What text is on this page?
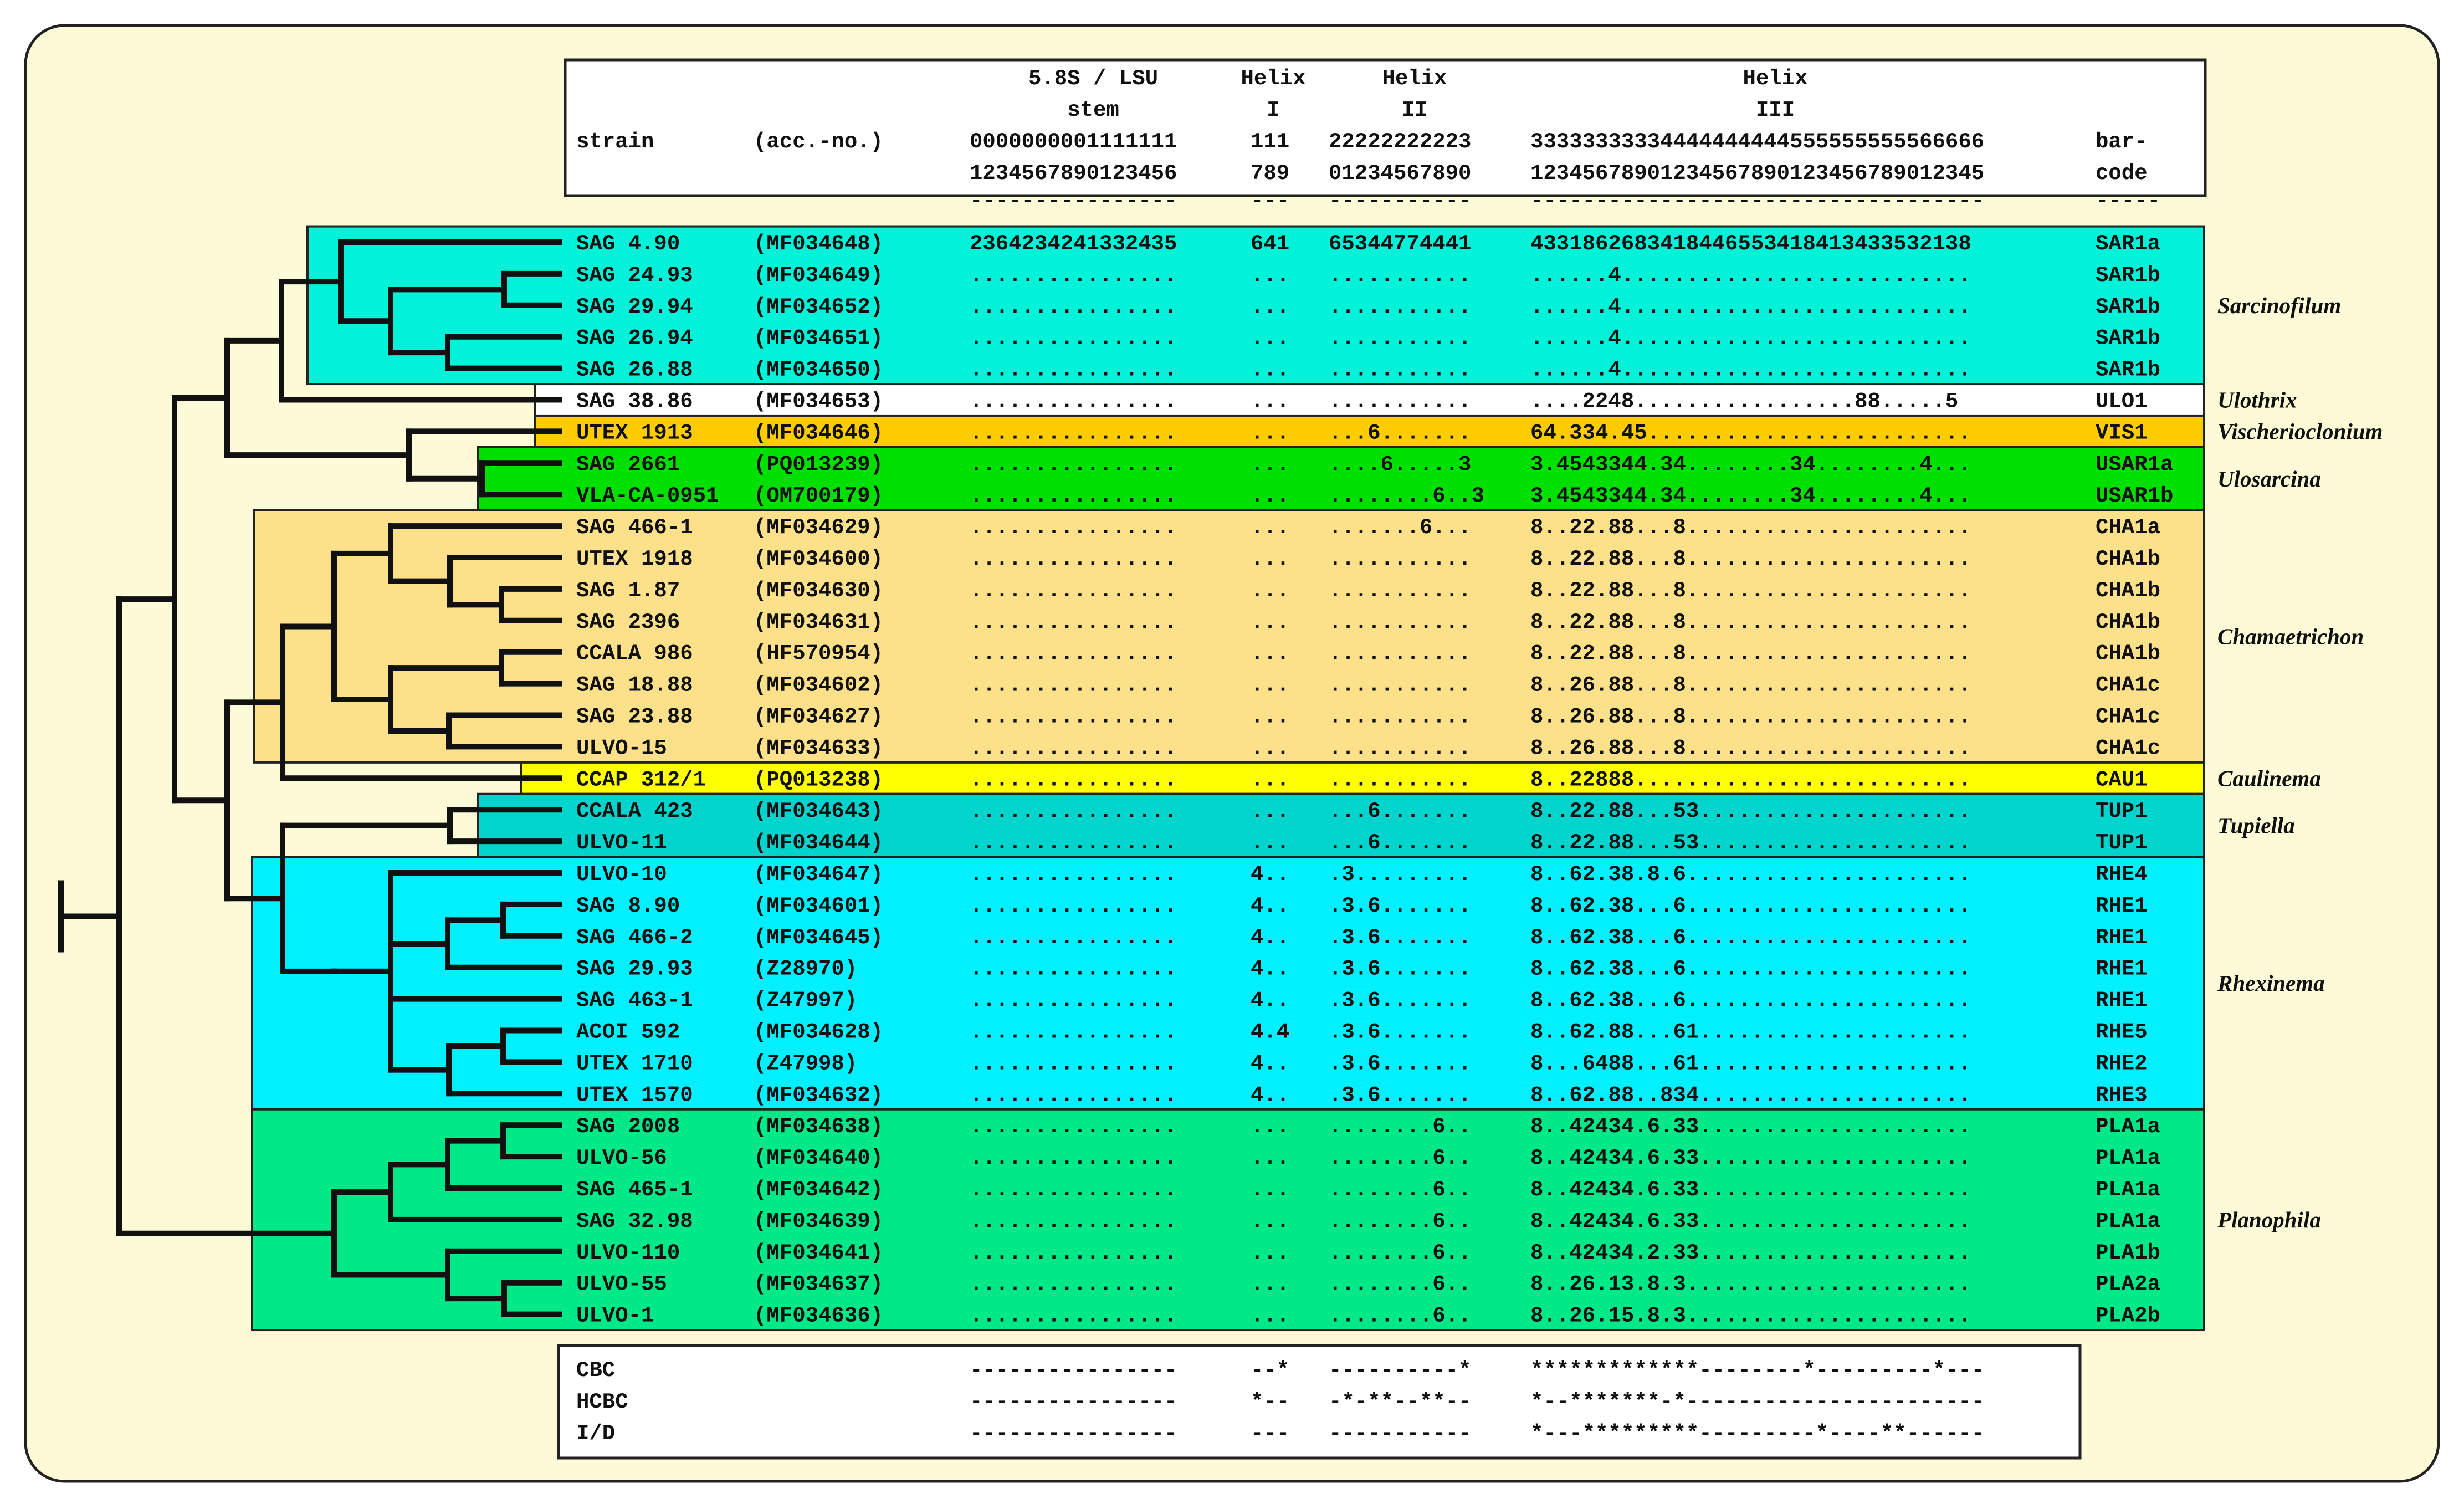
5.8S / LSU	Helix	Helix	Helix
stem	I	II	III
strain	(acc.-no.)	0000000001111111	111 22222222223	33333333334444444444555555555566666	bar-
1234567890123456	789 01234567890	12345678901234567890123456789012345	code
----------------	--- -----------	-----------------------------------	-----
SAG 4.90	(MF034648)	2364234241332435	641 65344774441	4331862683418446553418413433532138	SAR1a
SAG 24.93	(MF034649)	................	... ...........	......4...........................	SAR1b
SAG 29.94	(MF034652)	................	... ...........	......4...........................	SAR1b
SAG 26.94	(MF034651)	................	... ...........	......4...........................	SAR1b
SAG 26.88	(MF034650)	................	... ...........	......4...........................	SAR1b
SAG 38.86	(MF034653)	................	... ...........	....2248.................88.....5	ULO1
UTEX 1913	(MF034646)	................	... ...6.......	64.334.45.........................	VIS1
SAG 2661	(PQ013239)	................	... ....6.....3	3.4543344.34........34........4...	USAR1a
VLA-CA-0951 (OM700179)	................	... ........6..3 3.4543344.34........34........4...	USAR1b
SAG 466-1	(MF034629)	................	... .......6...	8..22.88...8......................	CHA1a
UTEX 1918	(MF034600)	................	... ...........	8..22.88...8......................	CHA1b
SAG 1.87	(MF034630)	................	... ...........	8..22.88...8......................	CHA1b
SAG 2396	(MF034631)	................	... ...........	8..22.88...8......................	CHA1b
CCALA 986	(HF570954)	................	... ...........	8..22.88...8......................	CHA1b
SAG 18.88	(MF034602)	................	... ...........	8..26.88...8......................	CHA1c
SAG 23.88	(MF034627)	................	... ...........	8..26.88...8......................	CHA1c
ULVO-15	(MF034633)	................	... ...........	8..26.88...8......................	CHA1c
CCAP 312/1 (PQ013238)	................	... ...........	8..22888..........................	CAU1
CCALA 423	(MF034643)	................	... ...6.......	8..22.88...53.....................	TUP1
ULVO-11	(MF034644)	................	... ...6.......	8..22.88...53.....................	TUP1
ULVO-10	(MF034647)	................	4.. .3.........	8..62.38.8.6......................	RHE4
SAG 8.90	(MF034601)	................	4.. .3.6.......	8..62.38...6......................	RHE1
SAG 466-2	(MF034645)	................	4.. .3.6.......	8..62.38...6......................	RHE1
SAG 29.93	(Z28970)	................	4.. .3.6.......	8..62.38...6......................	RHE1
SAG 463-1	(Z47997)	................	4.. .3.6.......	8..62.38...6......................	RHE1
ACOI 592	(MF034628)	................	4.4 .3.6.......	8..62.88...61.....................	RHE5
UTEX 1710	(Z47998)	................	4.. .3.6.......	8...6488...61.....................	RHE2
UTEX 1570	(MF034632)	................	4.. .3.6.......	8..62.88..834.....................	RHE3
SAG 2008	(MF034638)	................	... ........6..	8..42434.6.33.....................	PLA1a
ULVO-56	(MF034640)	................	... ........6..	8..42434.6.33.....................	PLA1a
SAG 465-1	(MF034642)	................	... ........6..	8..42434.6.33.....................	PLA1a
SAG 32.98	(MF034639)	................	... ........6..	8..42434.6.33.....................	PLA1a
ULVO-110	(MF034641)	................	... ........6..	8..42434.2.33.....................	PLA1b
ULVO-55	(MF034637)	................	... ........6..	8..26.13.8.3......................	PLA2a
ULVO-1	(MF034636)	................	... ........6..	8..26.15.8.3......................	PLA2b
Sarcinofilum
Ulothrix
Vischerioclonium
Ulosarcina
Chamaetrichon
Caulinema
Tupiella
Rhexinema
Planophila
CBC	----------------	--* ----------*	*************--------*---------*---
HCBC	----------------	*-- -*-**--**--	*--*******-*-----------------------
I/D	----------------	--- -----------	*---*********---------*----**------
